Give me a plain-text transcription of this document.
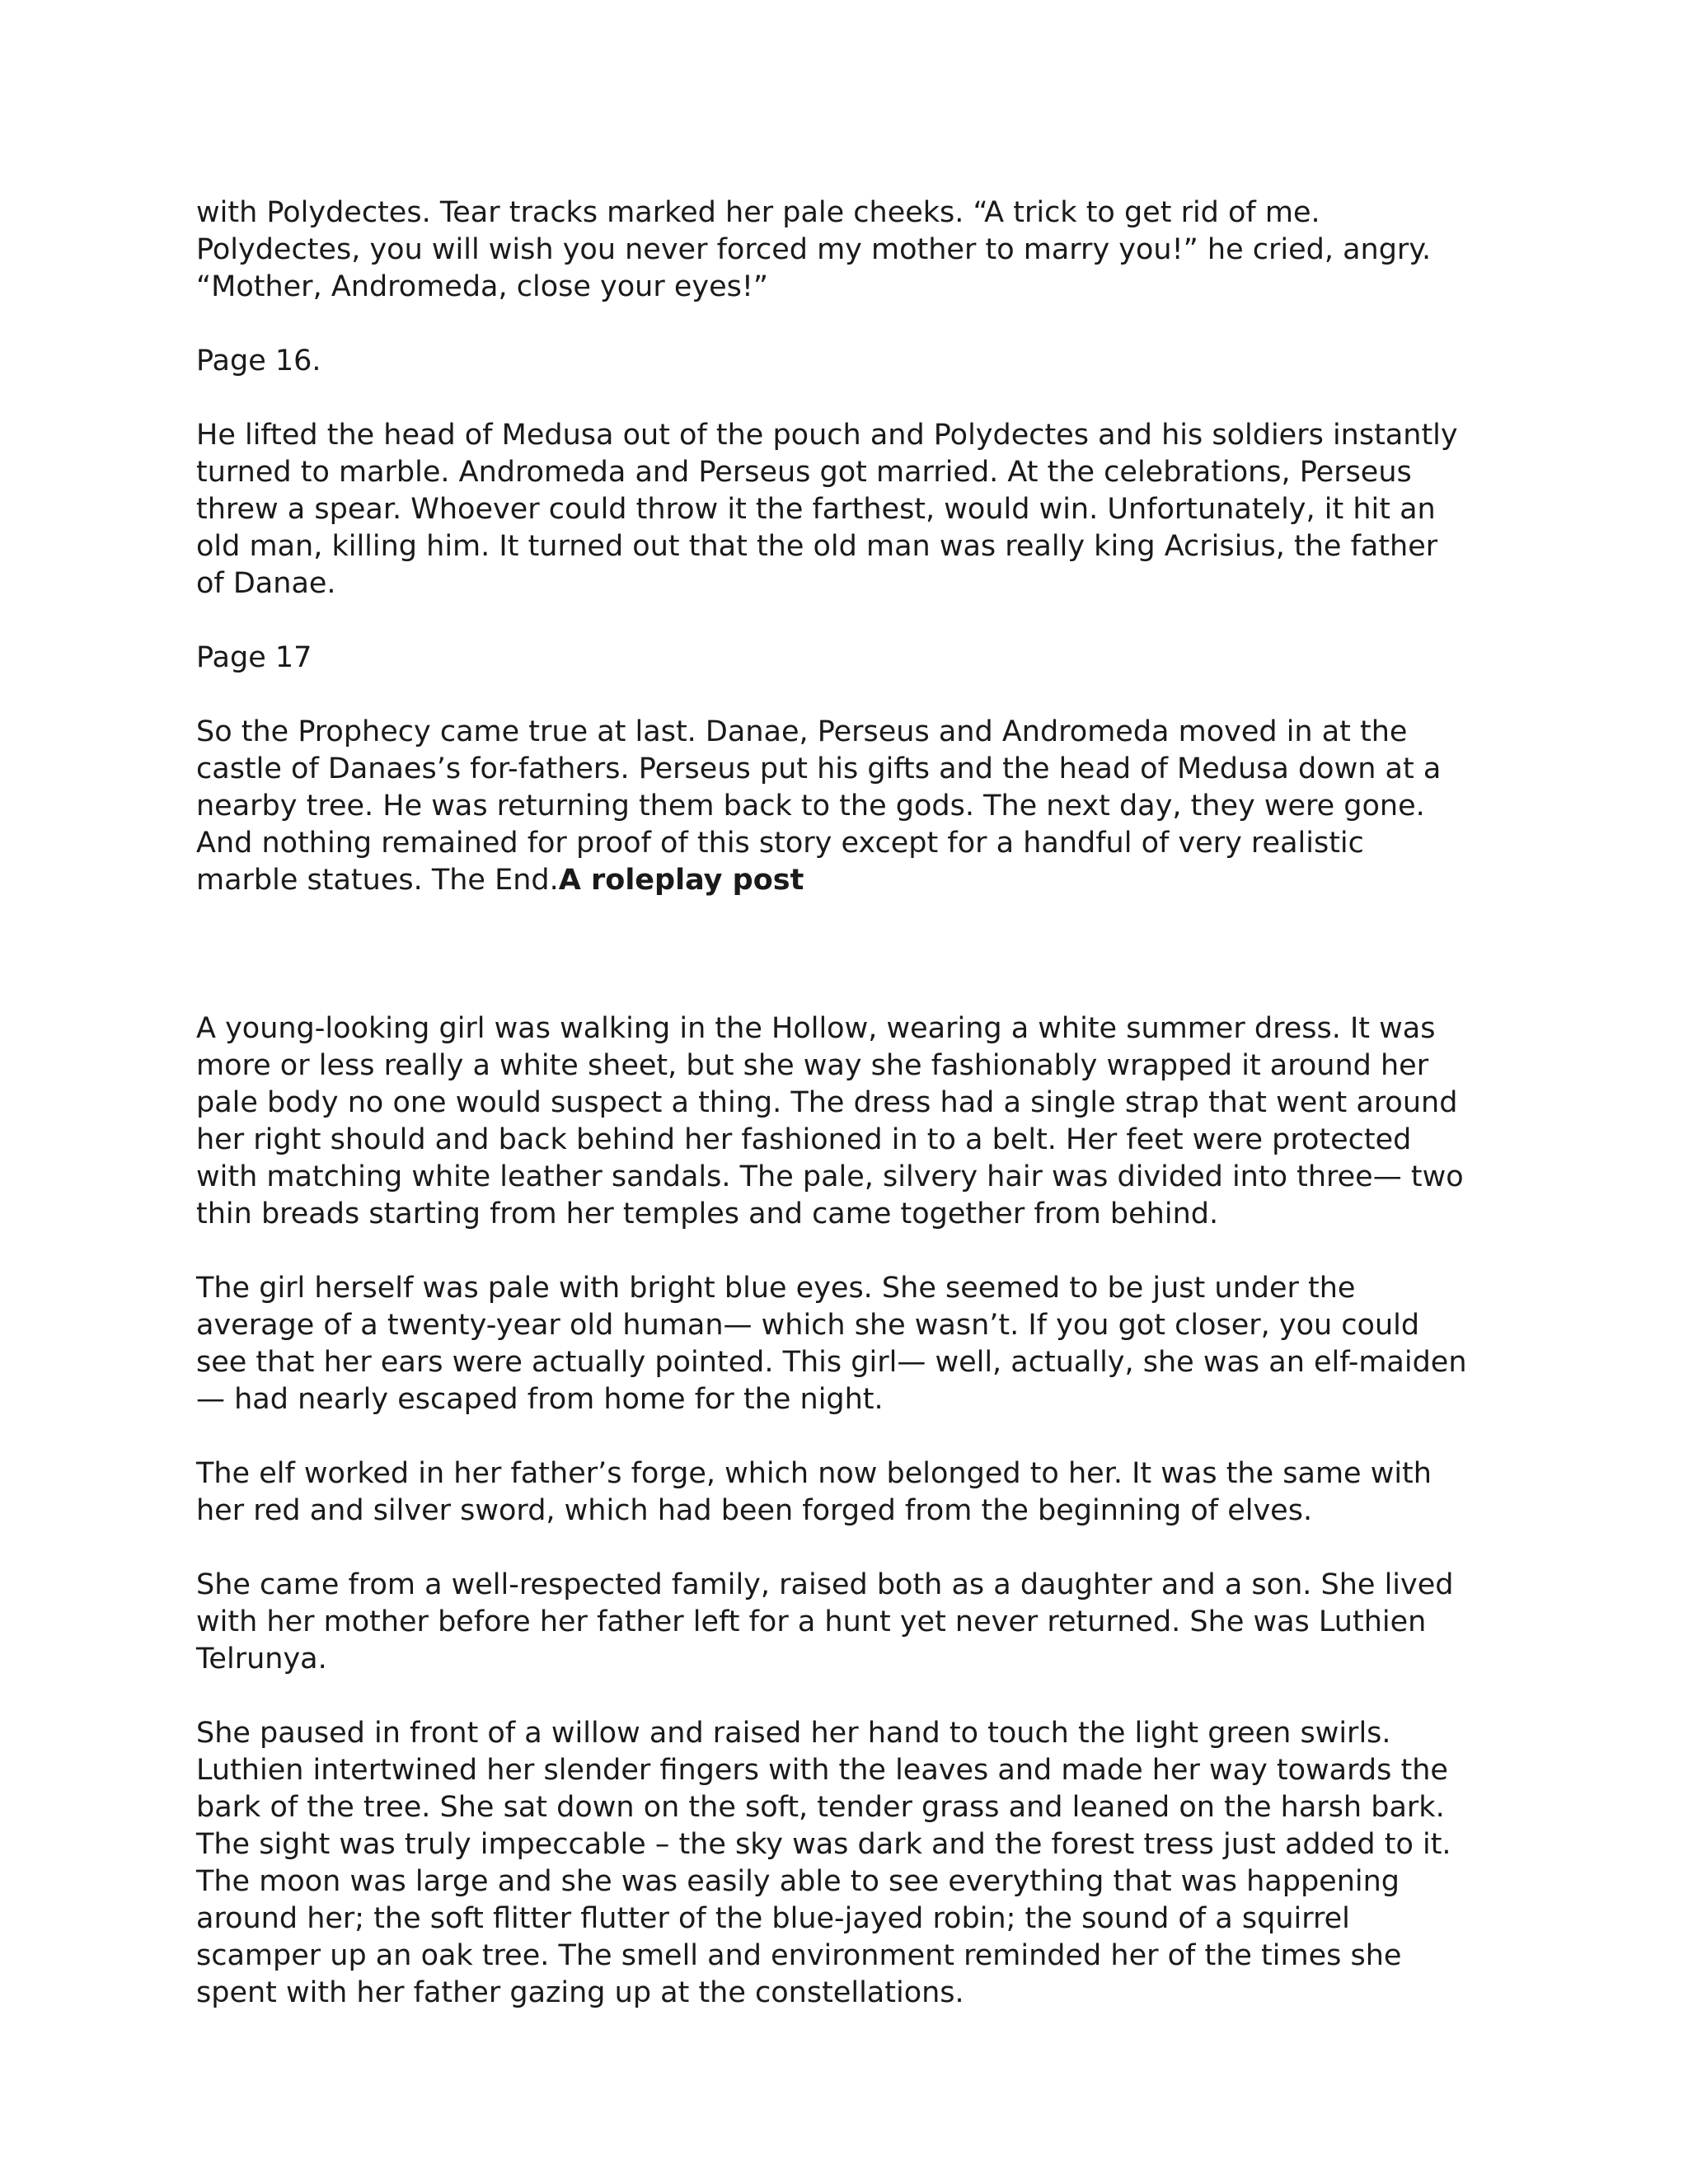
with Polydectes. Tear tracks marked her pale cheeks. “A trick to get rid of me. Polydectes, you will wish you never forced my mother to marry you!” he cried, angry. “Mother, Andromeda, close your eyes!”

Page 16.

He lifted the head of Medusa out of the pouch and Polydectes and his soldiers instantly turned to marble. Andromeda and Perseus got married. At the celebrations, Perseus threw a spear. Whoever could throw it the farthest, would win. Unfortunately, it hit an old man, killing him. It turned out that the old man was really king Acrisius, the father of Danae.

Page 17

So the Prophecy came true at last. Danae, Perseus and Andromeda moved in at the castle of Danaes’s for-fathers. Perseus put his gifts and the head of Medusa down at a nearby tree. He was returning them back to the gods. The next day, they were gone. And nothing remained for proof of this story except for a handful of very realistic marble statues. The End.A roleplay post

A young-looking girl was walking in the Hollow, wearing a white summer dress. It was more or less really a white sheet, but she way she fashionably wrapped it around her pale body no one would suspect a thing. The dress had a single strap that went around her right should and back behind her fashioned in to a belt. Her feet were protected with matching white leather sandals. The pale, silvery hair was divided into three— two thin breads starting from her temples and came together from behind.

The girl herself was pale with bright blue eyes. She seemed to be just under the average of a twenty-year old human— which she wasn’t. If you got closer, you could see that her ears were actually pointed. This girl— well, actually, she was an elf-maiden— had nearly escaped from home for the night.

The elf worked in her father’s forge, which now belonged to her. It was the same with her red and silver sword, which had been forged from the beginning of elves.

She came from a well-respected family, raised both as a daughter and a son. She lived with her mother before her father left for a hunt yet never returned. She was Luthien Telrunya.

She paused in front of a willow and raised her hand to touch the light green swirls. Luthien intertwined her slender fingers with the leaves and made her way towards the bark of the tree. She sat down on the soft, tender grass and leaned on the harsh bark. The sight was truly impeccable – the sky was dark and the forest tress just added to it. The moon was large and she was easily able to see everything that was happening around her; the soft flitter flutter of the blue-jayed robin; the sound of a squirrel scamper up an oak tree. The smell and environment reminded her of the times she spent with her father gazing up at the constellations.
